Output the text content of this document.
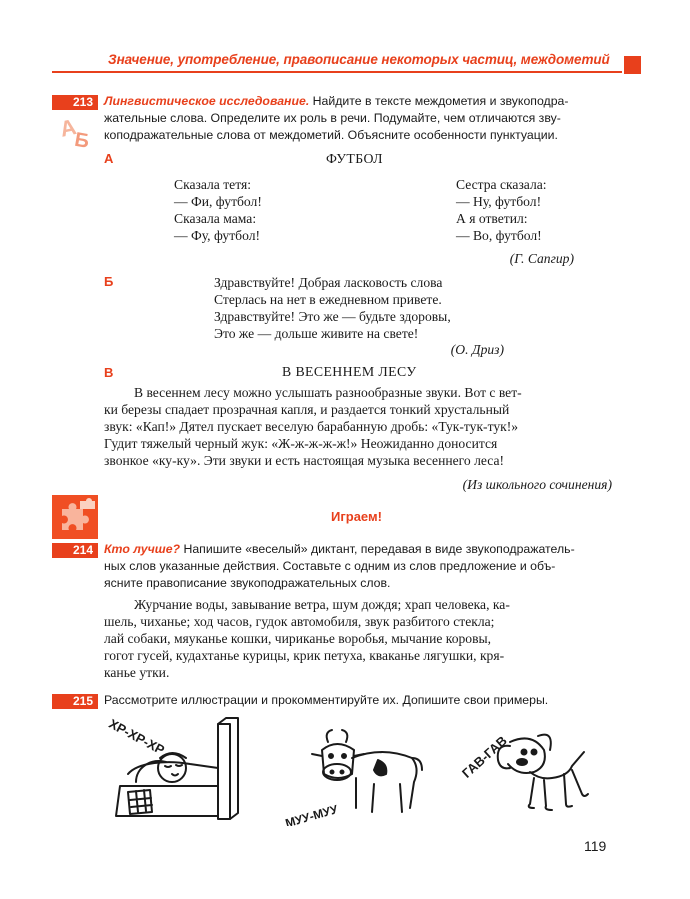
Значение, употребление, правописание некоторых частиц, междометий
213
А
Б
Лингвистическое исследование. Найдите в тексте междометия и звукоподра-
жательные слова. Определите их роль в речи. Подумайте, чем отличаются зву-
коподражательные слова от междометий. Объясните особенности пунктуации.
А	ФУТБОЛ
Сказала тетя:
— Фи, футбол!
Сказала мама:
— Фу, футбол!
Сестра сказала:
— Ну, футбол!
А я ответил:
— Во, футбол!
(Г. Сапгир)
Б	Здравствуйте! Добрая ласковость слова
Стерлась на нет в ежедневном привете.
Здравствуйте! Это же — будьте здоровы,
Это же — дольше живите на свете!
(О. Дриз)
В	В ВЕСЕННЕМ ЛЕСУ
В весеннем лесу можно услышать разнообразные звуки. Вот с вет-
ки березы спадает прозрачная капля, и раздается тонкий хрустальный
звук: «Кап!» Дятел пускает веселую барабанную дробь: «Тук-тук-тук!»
Гудит тяжелый черный жук: «Ж-ж-ж-ж-ж!» Неожиданно доносится
звонкое «ку-ку». Эти звуки и есть настоящая музыка весеннего леса!
(Из школьного сочинения)
Играем!
214 Кто лучше? Напишите «веселый» диктант, передавая в виде звукоподражатель-
ных слов указанные действия. Составьте с одним из слов предложение и объ-
ясните правописание звукоподражательных слов.
Журчание воды, завывание ветра, шум дождя; храп человека, ка-
шель, чиханье; ход часов, гудок автомобиля, звук разбитого стекла;
лай собаки, мяуканье кошки, чириканье воробья, мычание коровы,
гогот гусей, кудахтанье курицы, крик петуха, кваканье лягушки, кря-
канье утки.
215 Рассмотрите иллюстрации и прокомментируйте их. Допишите свои примеры.
ХР-ХР-ХР
МУУ-МУУ
ГАВ-ГАВ
119
